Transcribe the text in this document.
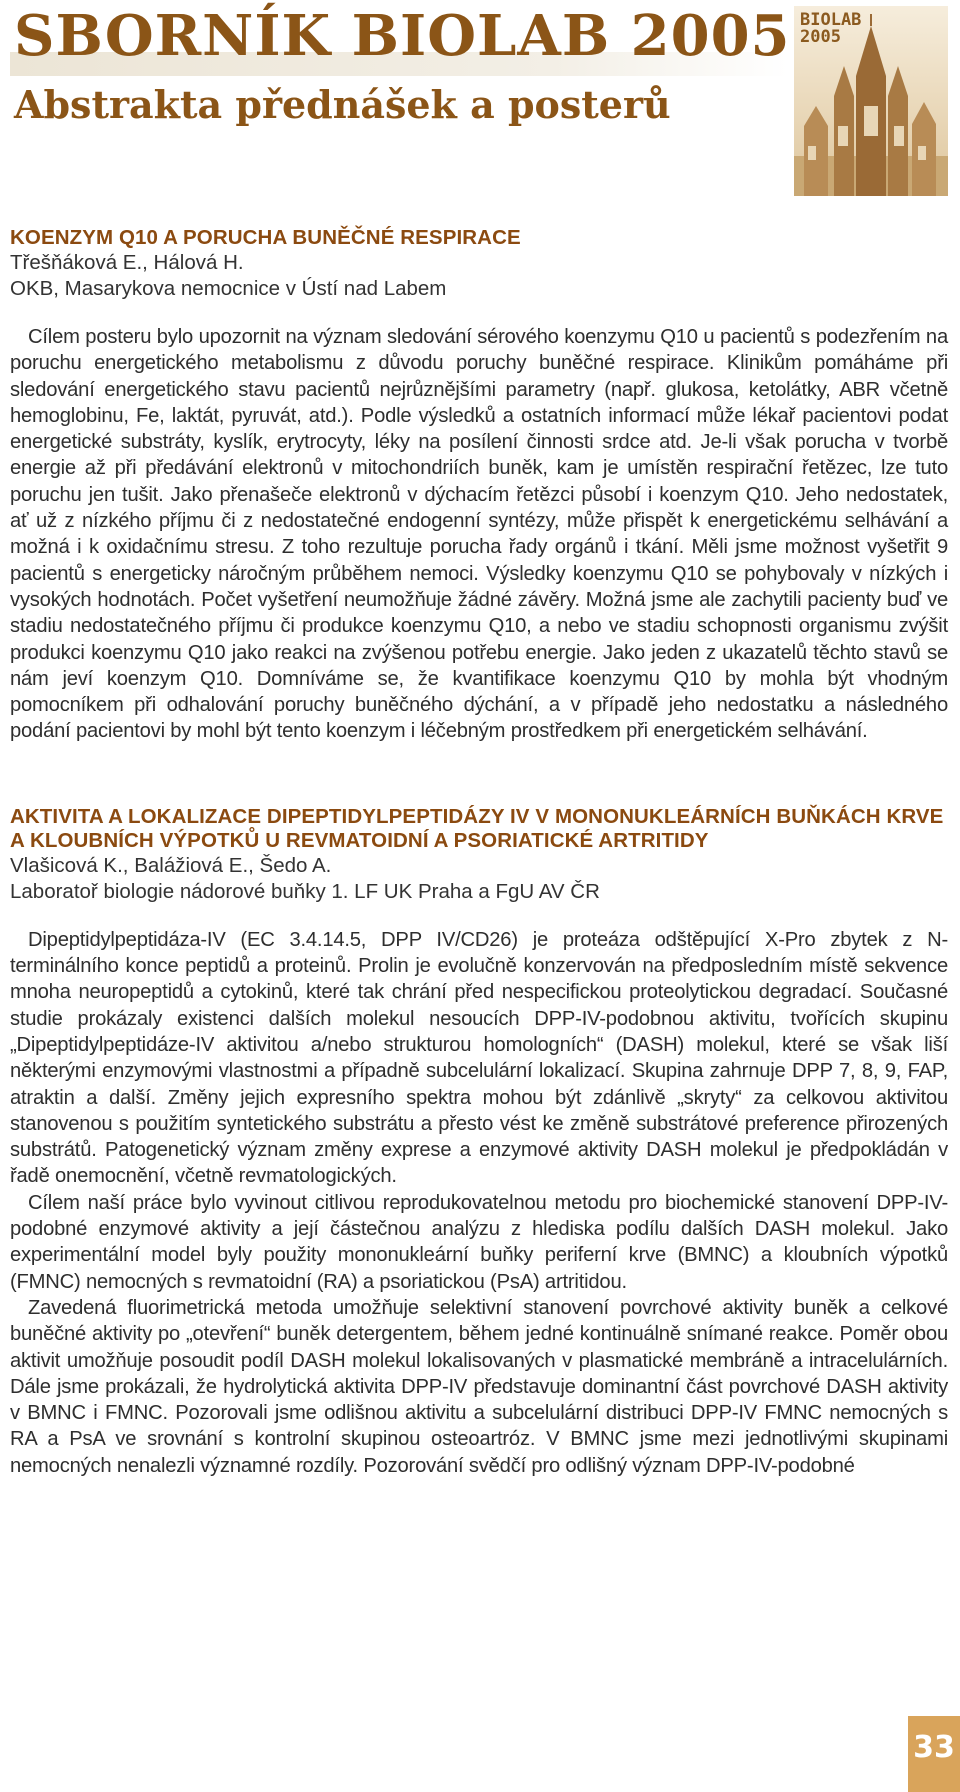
SBORNÍK BIOLAB 2005
Abstrakta přednášek a posterů
BIOLAB
2005
KOENZYM Q10 A PORUCHA BUNĚČNÉ RESPIRACE

Třešňáková E., Hálová H.

OKB, Masarykova nemocnice v Ústí nad Labem

Cílem posteru bylo upozornit na význam sledování sérového koenzymu Q10 u pacientů s podezřením na poruchu energetického metabolismu z důvodu poruchy buněčné respirace. Klinikům pomáháme při sledování energetického stavu pacientů nejrůznějšími parametry (např. glukosa, ketolátky, ABR včetně hemoglobinu, Fe, laktát, pyruvát, atd.). Podle výsledků a ostatních informací může lékař pacientovi podat energetické substráty, kyslík, erytrocyty, léky na posílení činnosti srdce atd. Je-li však porucha v tvorbě energie až při předávání elektronů v mitochondriích buněk, kam je umístěn respirační řetězec, lze tuto poruchu jen tušit. Jako přenašeče elektronů v dýchacím řetězci působí i koenzym Q10. Jeho nedostatek, ať už z nízkého příjmu či z nedostatečné endogenní syntézy, může přispět k energetickému selhávání a možná i k oxidačnímu stresu. Z toho rezultuje porucha řady orgánů i tkání. Měli jsme možnost vyšetřit 9 pacientů s energeticky náročným průběhem nemoci. Výsledky koenzymu Q10 se pohybovaly v nízkých i vysokých hodnotách. Počet vyšetření neumožňuje žádné závěry. Možná jsme ale zachytili pacienty buď ve stadiu nedostatečného příjmu či produkce koenzymu Q10, a nebo ve stadiu schopnosti organismu zvýšit produkci koenzymu Q10 jako reakci na zvýšenou potřebu energie. Jako jeden z ukazatelů těchto stavů se nám jeví koenzym Q10. Domníváme se, že kvantifikace koenzymu Q10 by mohla být vhodným pomocníkem při odhalování poruchy buněčného dýchání, a v případě jeho nedostatku a následného podání pacientovi by mohl být tento koenzym i léčebným prostředkem při energetickém selhávání.

AKTIVITA A LOKALIZACE DIPEPTIDYLPEPTIDÁZY IV V MONONUKLEÁRNÍCH BUŇKÁCH KRVE A KLOUBNÍCH VÝPOTKŮ U REVMATOIDNÍ A PSORIATICKÉ ARTRITIDY

Vlašicová K., Balážiová E., Šedo A.

Laboratoř biologie nádorové buňky 1. LF UK Praha a FgU AV ČR

Dipeptidylpeptidáza-IV (EC 3.4.14.5, DPP IV/CD26) je proteáza odštěpující X-Pro zbytek z N-terminálního konce peptidů a proteinů. Prolin je evolučně konzervován na předposledním místě sekvence mnoha neuropeptidů a cytokinů, které tak chrání před nespecifickou proteolytickou degradací. Současné studie prokázaly existenci dalších molekul nesoucích DPP-IV-podobnou aktivitu, tvořících skupinu „Dipeptidylpeptidáze-IV aktivitou a/nebo strukturou homologních“ (DASH) molekul, které se však liší některými enzymovými vlastnostmi a případně subcelulární lokalizací. Skupina zahrnuje DPP 7, 8, 9, FAP, atraktin a další. Změny jejich expresního spektra mohou být zdánlivě „skryty“ za celkovou aktivitou stanovenou s použitím syntetického substrátu a přesto vést ke změně substrátové preference přirozených substrátů. Patogenetický význam změny exprese a enzymové aktivity DASH molekul je předpokládán v řadě onemocnění, včetně revmatologických.

Cílem naší práce bylo vyvinout citlivou reprodukovatelnou metodu pro biochemické stanovení DPP-IV-podobné enzymové aktivity a její částečnou analýzu z hlediska podílu dalších DASH molekul. Jako experimentální model byly použity mononukleární buňky periferní krve (BMNC) a kloubních výpotků (FMNC) nemocných s revmatoidní (RA) a psoriatickou (PsA) artritidou.

Zavedená fluorimetrická metoda umožňuje selektivní stanovení povrchové aktivity buněk a celkové buněčné aktivity po „otevření“ buněk detergentem, během jedné kontinuálně snímané reakce. Poměr obou aktivit umožňuje posoudit podíl DASH molekul lokalisovaných v plasmatické membráně a intracelulárních. Dále jsme prokázali, že hydrolytická aktivita DPP-IV představuje dominantní část povrchové DASH aktivity v BMNC i FMNC. Pozorovali jsme odlišnou aktivitu a subcelulární distribuci DPP-IV FMNC nemocných s RA a PsA ve srovnání s kontrolní skupinou osteoartróz. V BMNC jsme mezi jednotlivými skupinami nemocných nenalezli významné rozdíly. Pozorování svědčí pro odlišný význam DPP-IV-podobné

33
